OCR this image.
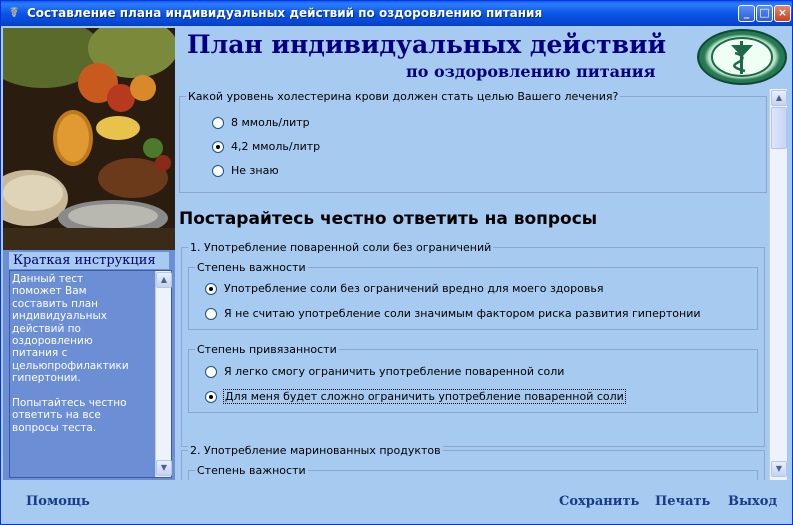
☤ Составление плана индивидуальных действий по оздоровлению питания	_ □ ×
Краткая инструкция
Данный тест
поможет Вам
составить план
индивидуальных
действий по
оздоровлению
питания с
цельюпрофилактики
гипертонии.

Попытайтесь честно
ответить на все
вопросы теста.
▲
▼
План индивидуальных действий
по оздоровлению питания
Какой уровень холестерина крови должен стать целью Вашего лечения?
8 ммоль/литр
4,2 ммоль/литр
Не знаю
Постарайтесь честно ответить на вопросы
1. Употребление поваренной соли без ограничений
Степень важности
Употребление соли без ограничений вредно для моего здоровья
Я не считаю употребление соли значимым фактором риска развития гипертонии
Степень привязанности
Я легко смогу ограничить употребление поваренной соли
Для меня будет сложно ограничить употребление поваренной соли
2. Употребление маринованных продуктов
Степень важности
▲
▼
Помощь	Сохранить Печать Выход
